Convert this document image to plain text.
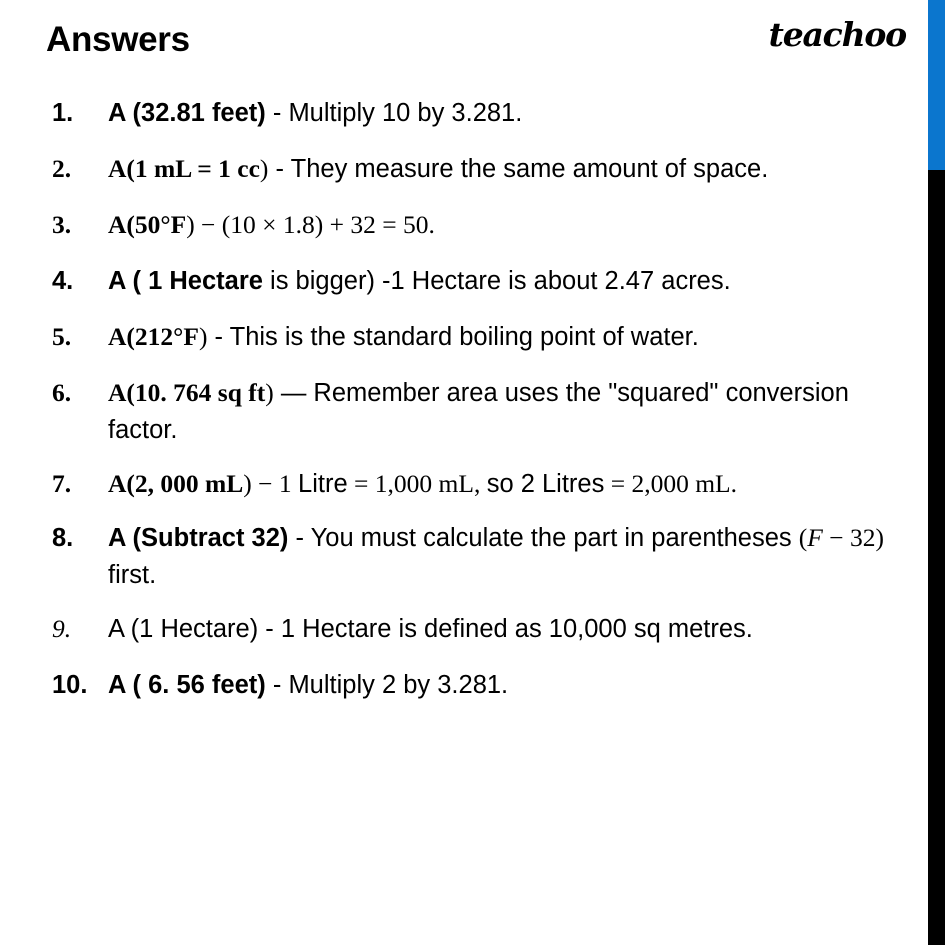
Answers	teachoo
1.	A (32.81 feet) - Multiply 10 by 3.281.
2.	A(1 mL = 1 cc) - They measure the same amount of space.
3.	A(50°F) − (10 × 1.8) + 32 = 50.
4.	A ( 1 Hectare is bigger) -1 Hectare is about 2.47 acres.
5.	A(212°F) - This is the standard boiling point of water.
6.	A(10. 764 sq ft) — Remember area uses the "squared" conversion factor.
7.	A(2, 000 mL) − 1 Litre = 1,000 mL, so 2 Litres = 2,000 mL.
8.	A (Subtract 32) - You must calculate the part in parentheses (F − 32) first.
9.	A (1 Hectare) - 1 Hectare is defined as 10,000 sq metres.
10. A ( 6. 56 feet) - Multiply 2 by 3.281.
